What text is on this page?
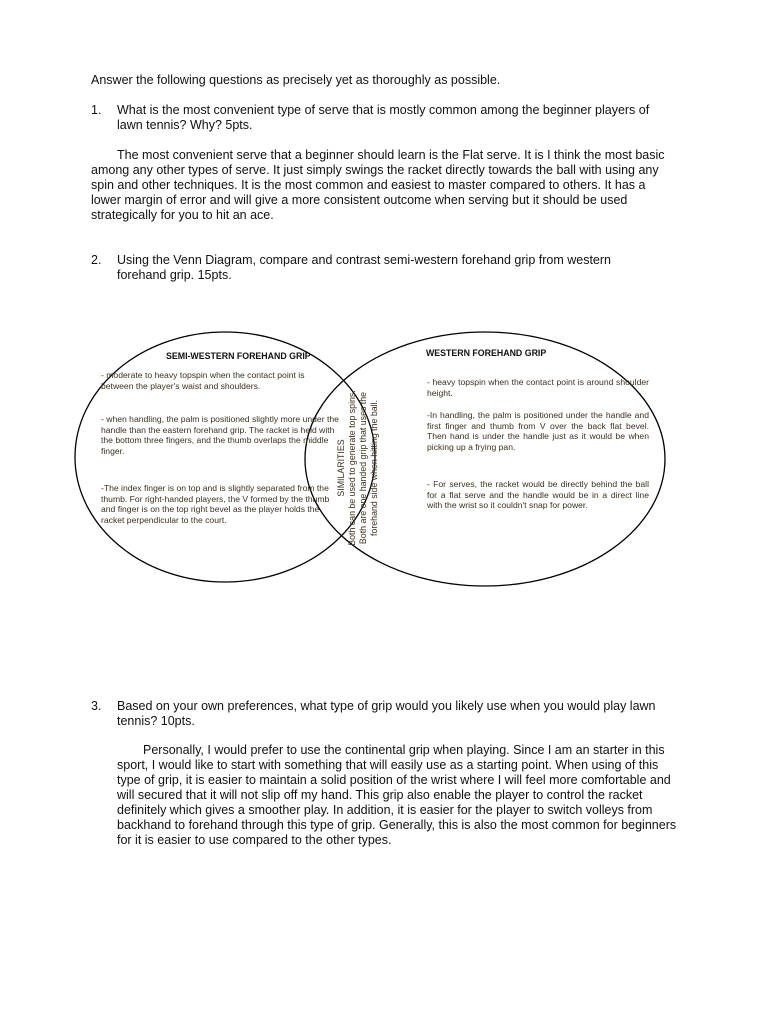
Answer the following questions as precisely yet as thoroughly as possible.
1. What is the most convenient type of serve that is mostly common among the beginner players of lawn tennis? Why? 5pts.
The most convenient serve that a beginner should learn is the Flat serve. It is I think the most basic among any other types of serve. It just simply swings the racket directly towards the ball with using any spin and other techniques. It is the most common and easiest to master compared to others. It has a lower margin of error and will give a more consistent outcome when serving but it should be used strategically for you to hit an ace.
2. Using the Venn Diagram, compare and contrast semi-western forehand grip from western forehand grip. 15pts.
SEMI-WESTERN FOREHAND GRIP
- moderate to heavy topspin when the contact point is between the player's waist and shoulders.
- when handling, the palm is positioned slightly more under the handle than the eastern forehand grip. The racket is held with the bottom three fingers, and the thumb overlaps the middle finger.
-The index finger is on top and is slightly separated from the thumb. For right-handed players, the V formed by the thumb and finger is on the top right bevel as the player holds the racket perpendicular to the court.
WESTERN FOREHAND GRIP
- heavy topspin when the contact point is around shoulder height.
-In handling, the palm is positioned under the handle and first finger and thumb from V over the back flat bevel. Then hand is under the handle just as it would be when picking up a frying pan.
- For serves, the racket would be directly behind the ball for a flat serve and the handle would be in a direct line with the wrist so it couldn't snap for power.
SIMILARITIES Both can be used to generate top spins. Both are one handed grip that uses the forehand side when hitting the ball.
3. Based on your own preferences, what type of grip would you likely use when you would play lawn tennis? 10pts.
Personally, I would prefer to use the continental grip when playing. Since I am an starter in this sport, I would like to start with something that will easily use as a starting point. When using of this type of grip, it is easier to maintain a solid position of the wrist where I will feel more comfortable and will secured that it will not slip off my hand. This grip also enable the player to control the racket definitely which gives a smoother play. In addition, it is easier for the player to switch volleys from backhand to forehand through this type of grip. Generally, this is also the most common for beginners for it is easier to use compared to the other types.
